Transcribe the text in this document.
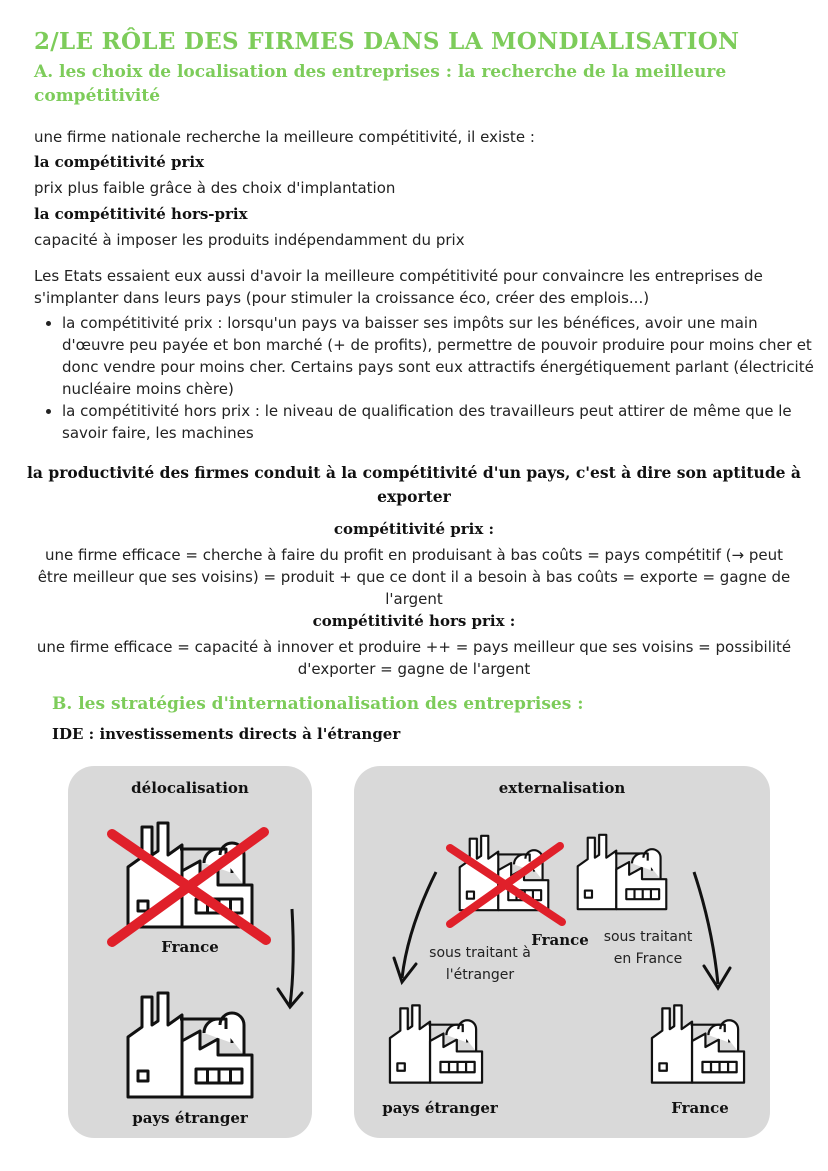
2/LE RÔLE DES FIRMES DANS LA MONDIALISATION
A. les choix de localisation des entreprises : la recherche de la meilleure compétitivité
une firme nationale recherche la meilleure compétitivité, il existe :
la compétitivité prix
prix plus faible grâce à des choix d'implantation
la compétitivité hors-prix
capacité à imposer les produits indépendamment du prix
Les Etats essaient eux aussi d'avoir la meilleure compétitivité pour convaincre les entreprises de s'implanter dans leurs pays (pour stimuler la croissance éco, créer des emplois...)
• la compétitivité prix : lorsqu'un pays va baisser ses impôts sur les bénéfices, avoir une main d'œuvre peu payée et bon marché (+ de profits), permettre de pouvoir produire pour moins cher et donc vendre pour moins cher. Certains pays sont eux attractifs énergétiquement parlant (électricité nucléaire moins chère)
• la compétitivité hors prix : le niveau de qualification des travailleurs peut attirer de même que le savoir faire, les machines
la productivité des firmes conduit à la compétitivité d'un pays, c'est à dire son aptitude à exporter
compétitivité prix :
une firme efficace = cherche à faire du profit en produisant à bas coûts = pays compétitif (→ peut être meilleur que ses voisins) = produit + que ce dont il a besoin à bas coûts = exporte = gagne de l'argent
compétitivité hors prix :
une firme efficace = capacité à innover et produire ++ = pays meilleur que ses voisins = possibilité d'exporter = gagne de l'argent
B. les stratégies d'internationalisation des entreprises :
IDE : investissements directs à l'étranger
délocalisation
France
pays étranger
externalisation
France
sous traitant à l'étranger
sous traitant en France
pays étranger	France
